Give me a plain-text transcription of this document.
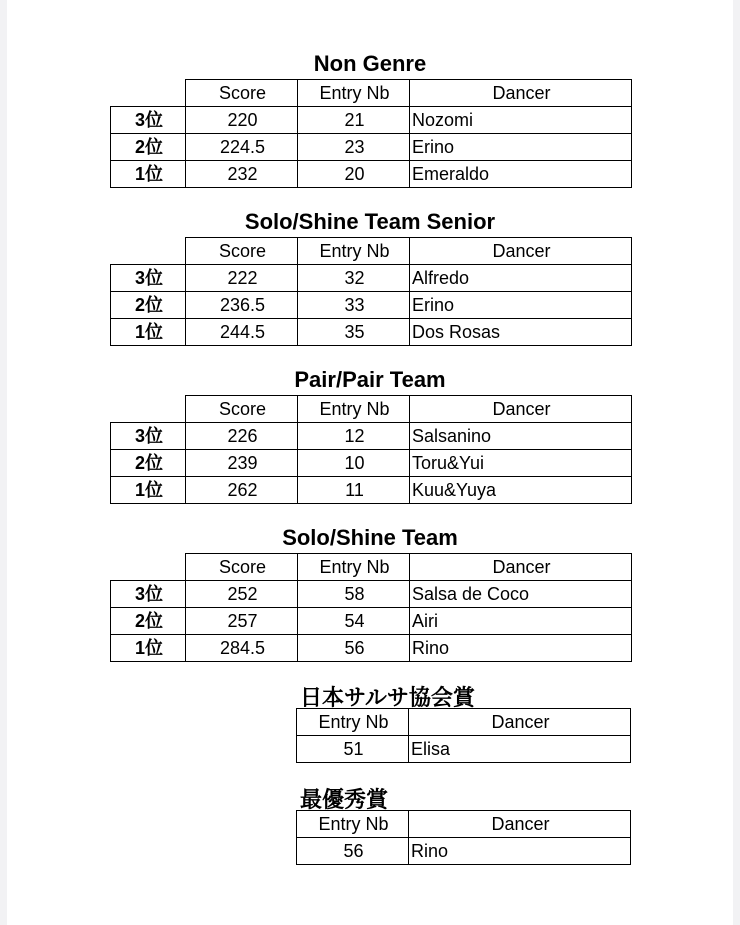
Non Genre
	Score	Entry Nb	Dancer
3位	220	21	Nozomi
2位	224.5	23	Erino
1位	232	20	Emeraldo
Solo/Shine Team Senior
	Score	Entry Nb	Dancer
3位	222	32	Alfredo
2位	236.5	33	Erino
1位	244.5	35	Dos Rosas
Pair/Pair Team
	Score	Entry Nb	Dancer
3位	226	12	Salsanino
2位	239	10	Toru&Yui
1位	262	11	Kuu&Yuya
Solo/Shine Team
	Score	Entry Nb	Dancer
3位	252	58	Salsa de Coco
2位	257	54	Airi
1位	284.5	56	Rino
日本サルサ協会賞
Entry Nb	Dancer
51	Elisa
最優秀賞
Entry Nb	Dancer
56	Rino
